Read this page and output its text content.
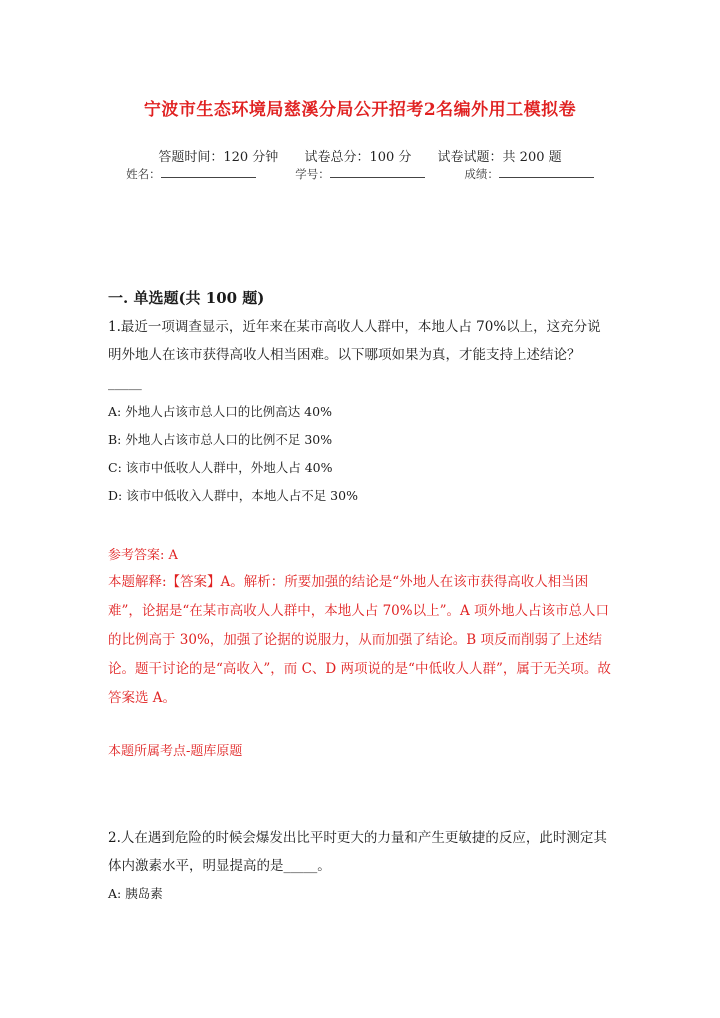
宁波市生态环境局慈溪分局公开招考2名编外用工模拟卷
答题时间：120 分钟 试卷总分：100 分 试卷试题：共 200 题
姓名：	学号：	成绩：
一. 单选题(共 100 题)
1.最近一项调查显示，近年来在某市高收人人群中，本地人占 70%以上，这充分说明外地人在该市获得高收人相当困难。以下哪项如果为真，才能支持上述结论？_____
A: 外地人占该市总人口的比例高达 40%
B: 外地人占该市总人口的比例不足 30%
C: 该市中低收人人群中，外地人占 40%
D: 该市中低收入人群中，本地人占不足 30%
参考答案: A
本题解释:【答案】A。解析：所要加强的结论是“外地人在该市获得高收人相当困难”，论据是“在某市高收人人群中，本地人占 70%以上”。A 项外地人占该市总人口的比例高于 30%，加强了论据的说服力，从而加强了结论。B 项反而削弱了上述结论。题干讨论的是“高收入”，而 C、D 两项说的是“中低收人人群”，属于无关项。故答案选 A。
本题所属考点-题库原题
2.人在遇到危险的时候会爆发出比平时更大的力量和产生更敏捷的反应，此时测定其体内激素水平，明显提高的是_____。
A: 胰岛素
